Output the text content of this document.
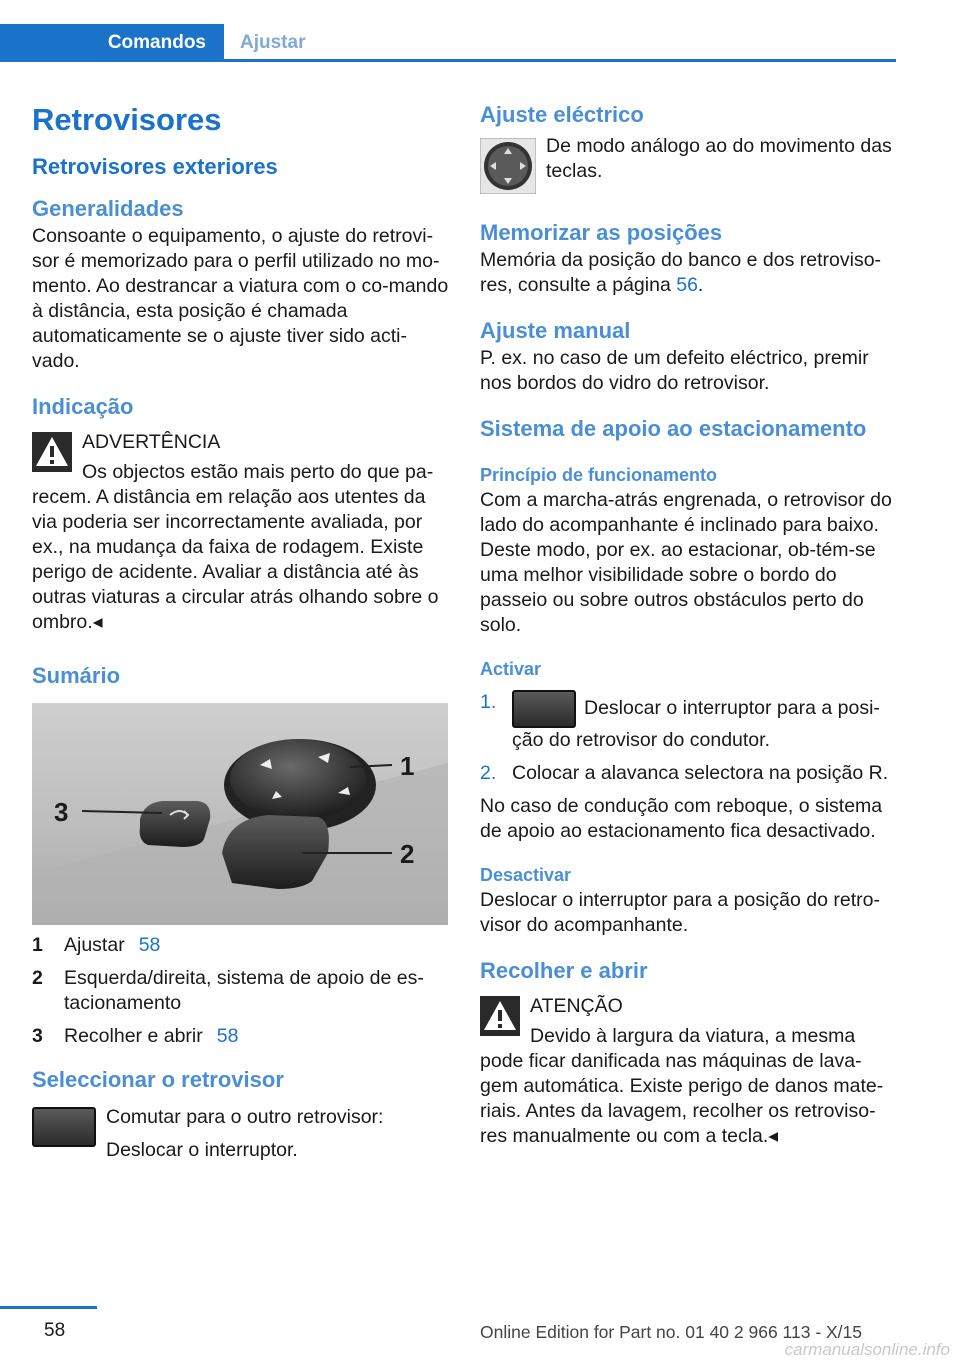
Comandos	Ajustar
Retrovisores
Retrovisores exteriores
Generalidades

Consoante o equipamento, o ajuste do retrovi-sor é memorizado para o perfil utilizado no mo-mento. Ao destrancar a viatura com o co-mando à distância, esta posição é chamada automaticamente se o ajuste tiver sido acti-vado.

Indicação
ADVERTÊNCIA

Os objectos estão mais perto do que pa-recem. A distância em relação aos utentes da via poderia ser incorrectamente avaliada, por ex., na mudança da faixa de rodagem. Existe perigo de acidente. Avaliar a distância até às outras viaturas a circular atrás olhando sobre o ombro.◂

Sumário
1
2
3
1	Ajustar 58
2	Esquerda/direita, sistema de apoio de es-tacionamento
3	Recolher e abrir 58
Seleccionar o retrovisor

Comutar para o outro retrovisor:

Deslocar o interruptor.

Ajuste eléctrico

De modo análogo ao do movimento das teclas.

Memorizar as posições

Memória da posição do banco e dos retroviso-res, consulte a página 56.

Ajuste manual

P. ex. no caso de um defeito eléctrico, premir nos bordos do vidro do retrovisor.

Sistema de apoio ao estacionamento
Princípio de funcionamento

Com a marcha-atrás engrenada, o retrovisor do lado do acompanhante é inclinado para baixo. Deste modo, por ex. ao estacionar, ob-tém-se uma melhor visibilidade sobre o bordo do passeio ou sobre outros obstáculos perto do solo.

Activar
1.	Deslocar o interruptor para a posi-ção do retrovisor do condutor.
2. Colocar a alavanca selectora na posição R.

No caso de condução com reboque, o sistema de apoio ao estacionamento fica desactivado.

Desactivar

Deslocar o interruptor para a posição do retro-visor do acompanhante.

Recolher e abrir
ATENÇÃO

Devido à largura da viatura, a mesma pode ficar danificada nas máquinas de lava-gem automática. Existe perigo de danos mate-riais. Antes da lavagem, recolher os retroviso-res manualmente ou com a tecla.◂

58	Online Edition for Part no. 01 40 2 966 113 - X/15
carmanualsonline.info
